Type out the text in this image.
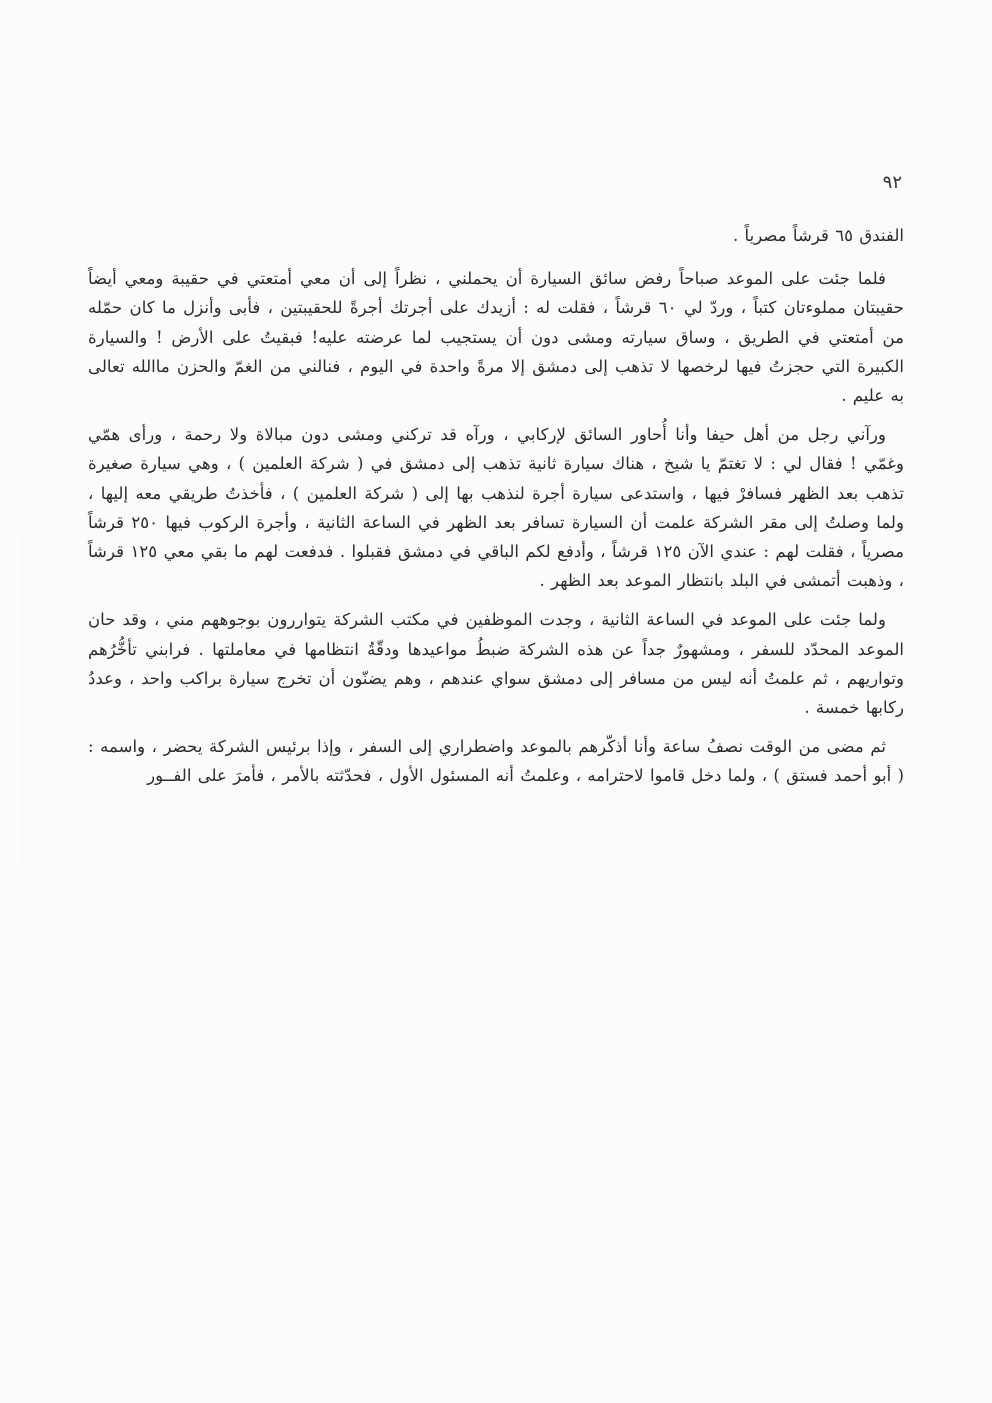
٩٢

الفندق ٦٥ قرشاً مصرياً .

فلما جئت على الموعد صباحاً رفض سائق السيارة أن يحملني ، نظراً إلى أن معي أمتعتي في حقيبة ومعي أيضاً حقيبتان مملوءتان كتباً ، وردّ لي ٦٠ قرشاً ، فقلت له : أزيدك على أجرتك أجرةً للحقيبتين ، فأبى وأنزل ما كان حمّله من أمتعتي في الطريق ، وساق سيارته ومشى دون أن يستجيب لما عرضته عليه! فبقيتُ على الأرض ! والسيارة الكبيرة التي حجزتُ فيها لرخصها لا تذهب إلى دمشق إلا مرةً واحدة في اليوم ، فنالني من الغمّ والحزن ماالله تعالى به عليم .

ورآني رجل من أهل حيفا وأنا أُحاور السائق لإركابي ، ورآه قد تركني ومشى دون مبالاة ولا رحمة ، ورأى همّي وغمّي ! فقال لي : لا تغتمّ يا شيخ ، هناك سيارة ثانية تذهب إلى دمشق في ( شركة العلمين ) ، وهي سيارة صغيرة تذهب بعد الظهر فسافرْ فيها ، واستدعى سيارة أجرة لنذهب بها إلى ( شركة العلمين ) ، فأخذتُ طريقي معه إليها ، ولما وصلتُ إلى مقر الشركة علمت أن السيارة تسافر بعد الظهر في الساعة الثانية ، وأجرة الركوب فيها ٢٥٠ قرشاً مصرياً ، فقلت لهم : عندي الآن ١٢٥ قرشاً ، وأدفع لكم الباقي في دمشق فقبلوا . فدفعت لهم ما بقي معي ١٢٥ قرشاً ، وذهبت أتمشى في البلد بانتظار الموعد بعد الظهر .

ولما جئت على الموعد في الساعة الثانية ، وجدت الموظفين في مكتب الشركة يتواررون بوجوههم مني ، وقد حان الموعد المحدّد للسفر ، ومشهورٌ جداً عن هذه الشركة ضبطُ مواعيدها ودقّةُ انتظامها في معاملتها . فرابني تأخُّرُهم وتواريهم ، ثم علمتُ أنه ليس من مسافر إلى دمشق سواي عندهم ، وهم يضنّون أن تخرج سيارة براكب واحد ، وعددُ ركابها خمسة .

ثم مضى من الوقت نصفُ ساعة وأنا أذكّرهم بالموعد واضطراري إلى السفر ، وإذا برئيس الشركة يحضر ، واسمه : ( أبو أحمد فستق ) ، ولما دخل قاموا لاحترامه ، وعلمتُ أنه المسئول الأول ، فحدّثته بالأمر ، فأمرَ على الفــور
